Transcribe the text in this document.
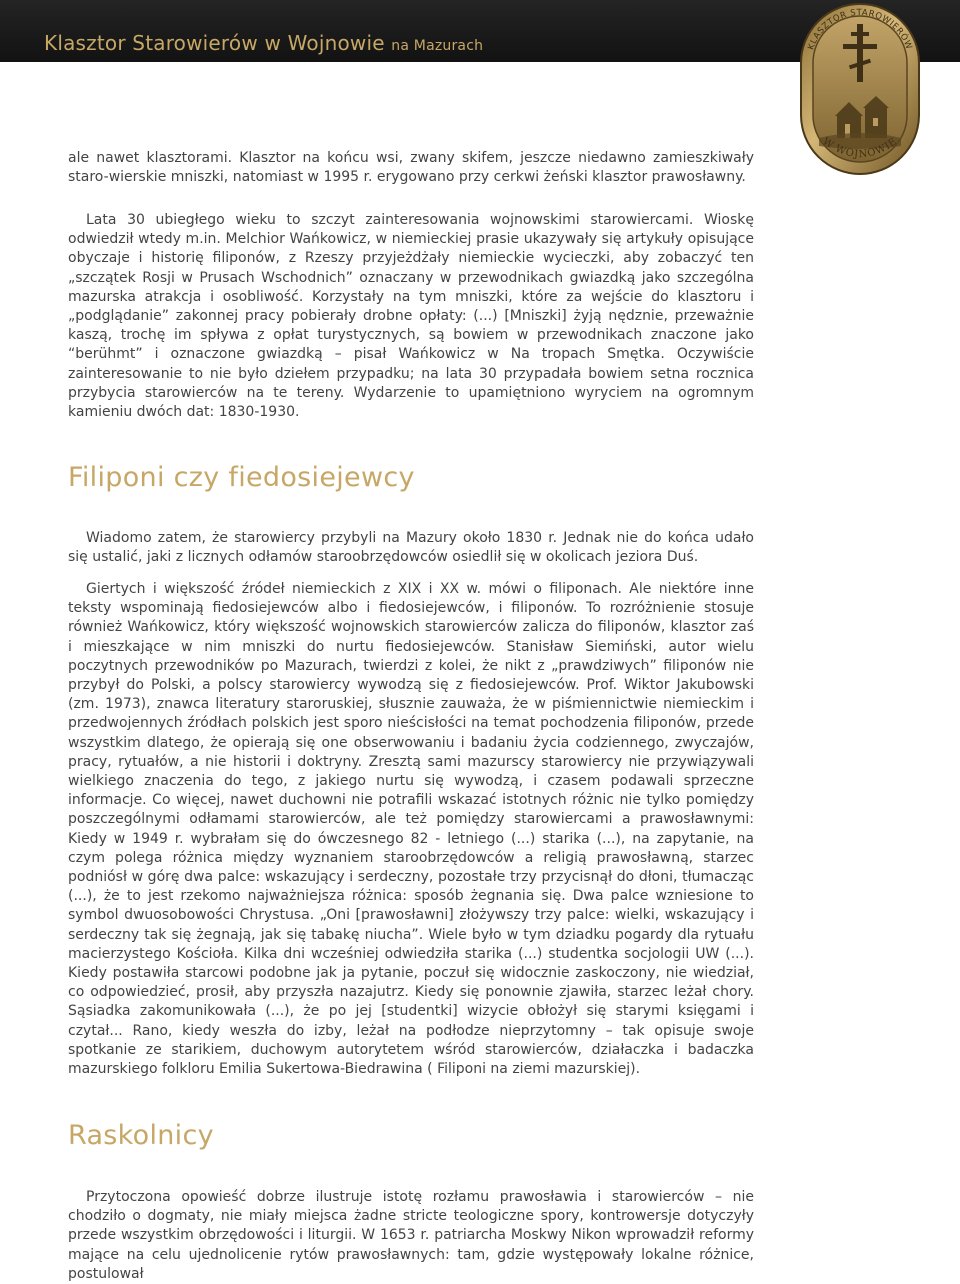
Klasztor Starowierów w Wojnowie na Mazurach	KLASZTOR STAROWIERÓW
W WOJNOWIE

ale nawet klasztorami. Klasztor na końcu wsi, zwany skifem, jeszcze niedawno zamieszkiwały staro-wierskie mniszki, natomiast w 1995 r. erygowano przy cerkwi żeński klasztor prawosławny.

Lata 30 ubiegłego wieku to szczyt zainteresowania wojnowskimi starowiercami. Wioskę odwiedził wtedy m.in. Melchior Wańkowicz, w niemieckiej prasie ukazywały się artykuły opisujące obyczaje i historię filiponów, z Rzeszy przyjeżdżały niemieckie wycieczki, aby zobaczyć ten „szczątek Rosji w Prusach Wschodnich” oznaczany w przewodnikach gwiazdką jako szczególna mazurska atrakcja i osobliwość. Korzystały na tym mniszki, które za wejście do klasztoru i „podglądanie” zakonnej pracy pobierały drobne opłaty: (...) [Mniszki] żyją nędznie, przeważnie kaszą, trochę im spływa z opłat turystycznych, są bowiem w przewodnikach znaczone jako “berühmt” i oznaczone gwiazdką – pisał Wańkowicz w Na tropach Smętka. Oczywiście zainteresowanie to nie było dziełem przypadku; na lata 30 przypadała bowiem setna rocznica przybycia starowierców na te tereny. Wydarzenie to upamiętniono wyryciem na ogromnym kamieniu dwóch dat: 1830-1930.

Filiponi czy fiedosiejewcy

Wiadomo zatem, że starowiercy przybyli na Mazury około 1830 r. Jednak nie do końca udało się ustalić, jaki z licznych odłamów staroobrzędowców osiedlił się w okolicach jeziora Duś.

Giertych i większość źródeł niemieckich z XIX i XX w. mówi o filiponach. Ale niektóre inne teksty wspominają fiedosiejewców albo i fiedosiejewców, i filiponów. To rozróżnienie stosuje również Wańkowicz, który większość wojnowskich starowierców zalicza do filiponów, klasztor zaś i mieszkające w nim mniszki do nurtu fiedosiejewców. Stanisław Siemiński, autor wielu poczytnych przewodników po Mazurach, twierdzi z kolei, że nikt z „prawdziwych” filiponów nie przybył do Polski, a polscy starowiercy wywodzą się z fiedosiejewców. Prof. Wiktor Jakubowski (zm. 1973), znawca literatury staroruskiej, słusznie zauważa, że w piśmiennictwie niemieckim i przedwojennych źródłach polskich jest sporo nieścisłości na temat pochodzenia filiponów, przede wszystkim dlatego, że opierają się one obserwowaniu i badaniu życia codziennego, zwyczajów, pracy, rytuałów, a nie historii i doktryny. Zresztą sami mazurscy starowiercy nie przywiązywali wielkiego znaczenia do tego, z jakiego nurtu się wywodzą, i czasem podawali sprzeczne informacje. Co więcej, nawet duchowni nie potrafili wskazać istotnych różnic nie tylko pomiędzy poszczególnymi odłamami starowierców, ale też pomiędzy starowiercami a prawosławnymi: Kiedy w 1949 r. wybrałam się do ówczesnego 82 - letniego (...) starika (...), na zapytanie, na czym polega różnica między wyznaniem staroobrzędowców a religią prawosławną, starzec podniósł w górę dwa palce: wskazujący i serdeczny, pozostałe trzy przycisnął do dłoni, tłumacząc (...), że to jest rzekomo najważniejsza różnica: sposób żegnania się. Dwa palce wzniesione to symbol dwuosobowości Chrystusa. „Oni [prawosławni] złożywszy trzy palce: wielki, wskazujący i serdeczny tak się żegnają, jak się tabakę niucha”. Wiele było w tym dziadku pogardy dla rytuału macierzystego Kościoła. Kilka dni wcześniej odwiedziła starika (...) studentka socjologii UW (...). Kiedy postawiła starcowi podobne jak ja pytanie, poczuł się widocznie zaskoczony, nie wiedział, co odpowiedzieć, prosił, aby przyszła nazajutrz. Kiedy się ponownie zjawiła, starzec leżał chory. Sąsiadka zakomunikowała (...), że po jej [studentki] wizycie obłożył się starymi księgami i czytał... Rano, kiedy weszła do izby, leżał na podłodze nieprzytomny – tak opisuje swoje spotkanie ze starikiem, duchowym autorytetem wśród starowierców, działaczka i badaczka mazurskiego folkloru Emilia Sukertowa-Biedrawina ( Filiponi na ziemi mazurskiej).

Raskolnicy

Przytoczona opowieść dobrze ilustruje istotę rozłamu prawosławia i starowierców – nie chodziło o dogmaty, nie miały miejsca żadne stricte teologiczne spory, kontrowersje dotyczyły przede wszystkim obrzędowości i liturgii. W 1653 r. patriarcha Moskwy Nikon wprowadził reformy mające na celu ujednolicenie rytów prawosławnych: tam, gdzie występowały lokalne różnice, postulował
